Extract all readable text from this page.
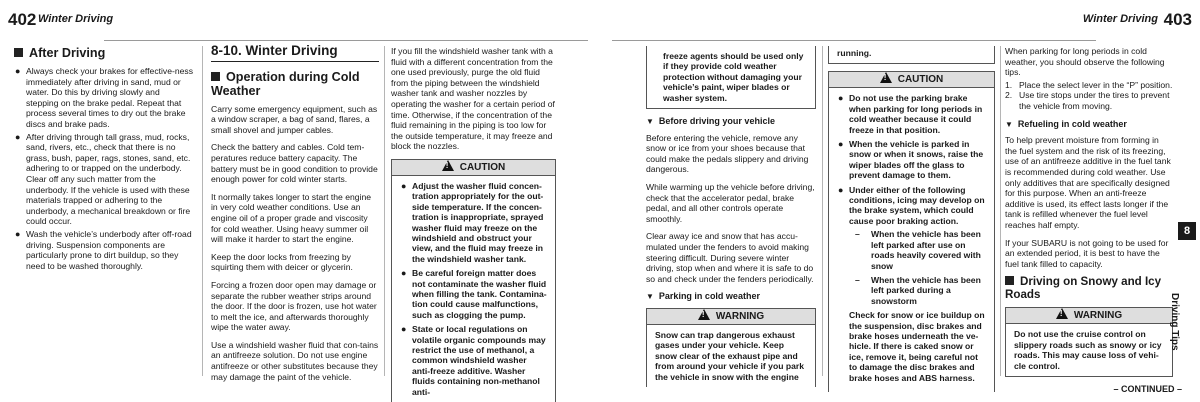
402 Winter Driving
After Driving
● Always check your brakes for effective-ness immediately after driving in sand, mud or water. Do this by driving slowly and stepping on the brake pedal. Repeat that process several times to dry out the brake discs and brake pads.
● After driving through tall grass, mud, rocks, sand, rivers, etc., check that there is no grass, bush, paper, rags, stones, sand, etc. adhering to or trapped on the underbody. Clear off any such matter from the underbody. If the vehicle is used with these materials trapped or adhering to the underbody, a mechanical breakdown or fire could occur.
● Wash the vehicle’s underbody after off-road driving. Suspension components are particularly prone to dirt buildup, so they need to be washed thoroughly.
8-10. Winter Driving
Operation during Cold Weather

Carry some emergency equipment, such as a window scraper, a bag of sand, flares, a small shovel and jumper cables.

Check the battery and cables. Cold tem-peratures reduce battery capacity. The battery must be in good condition to provide enough power for cold winter starts.

It normally takes longer to start the engine in very cold weather conditions. Use an engine oil of a proper grade and viscosity for cold weather. Using heavy summer oil will make it harder to start the engine.

Keep the door locks from freezing by squirting them with deicer or glycerin.

Forcing a frozen door open may damage or separate the rubber weather strips around the door. If the door is frozen, use hot water to melt the ice, and afterwards thoroughly wipe the water away.

Use a windshield washer fluid that con-tains an antifreeze solution. Do not use engine antifreeze or other substitutes because they may damage the paint of the vehicle.

If you fill the windshield washer tank with a fluid with a different concentration from the one used previously, purge the old fluid from the piping between the windshield washer tank and washer nozzles by operating the washer for a certain period of time. Otherwise, if the concentration of the fluid remaining in the piping is too low for the outside temperature, it may freeze and block the nozzles.

!CAUTION
● Adjust the washer fluid concen-tration appropriately for the out-side temperature. If the concen-tration is inappropriate, sprayed washer fluid may freeze on the windshield and obstruct your view, and the fluid may freeze in the windshield washer tank.
● Be careful foreign matter does not contaminate the washer fluid when filling the tank. Contamina-tion could cause malfunctions, such as clogging the pump.
● State or local regulations on volatile organic compounds may restrict the use of methanol, a common windshield washer anti-freeze additive. Washer fluids containing non-methanol anti-
Winter Driving 403
freeze agents should be used only if they provide cold weather protection without damaging your vehicle’s paint, wiper blades or washer system.
▼ Before driving your vehicle

Before entering the vehicle, remove any snow or ice from your shoes because that could make the pedals slippery and driving dangerous.

While warming up the vehicle before driving, check that the accelerator pedal, brake pedal, and all other controls operate smoothly.

Clear away ice and snow that has accu-mulated under the fenders to avoid making steering difficult. During severe winter driving, stop when and where it is safe to do so and check under the fenders periodically.

▼ Parking in cold weather
!WARNING
Snow can trap dangerous exhaust gases under your vehicle. Keep snow clear of the exhaust pipe and from around your vehicle if you park the vehicle in snow with the engine
running.
!CAUTION
● Do not use the parking brake when parking for long periods in cold weather because it could freeze in that position.
● When the vehicle is parked in snow or when it snows, raise the wiper blades off the glass to prevent damage to them.
● Under either of the following conditions, icing may develop on the brake system, which could cause poor braking action.
– When the vehicle has been left parked after use on roads heavily covered with snow
– When the vehicle has been left parked during a snowstorm
Check for snow or ice buildup on the suspension, disc brakes and brake hoses underneath the ve-hicle. If there is caked snow or ice, remove it, being careful not to damage the disc brakes and brake hoses and ABS harness.

When parking for long periods in cold weather, you should observe the following tips.

1. Place the select lever in the “P” position.
2. Use tire stops under the tires to prevent the vehicle from moving.
▼ Refueling in cold weather

To help prevent moisture from forming in the fuel system and the risk of its freezing, use of an antifreeze additive in the fuel tank is recommended during cold weather. Use only additives that are specifically designed for this purpose. When an anti-freeze additive is used, its effect lasts longer if the tank is refilled whenever the fuel level reaches half empty.

If your SUBARU is not going to be used for an extended period, it is best to have the fuel tank filled to capacity.

Driving on Snowy and Icy Roads
!WARNING
Do not use the cruise control on slippery roads such as snowy or icy roads. This may cause loss of vehi-cle control.
8
Driving Tips
– CONTINUED –
